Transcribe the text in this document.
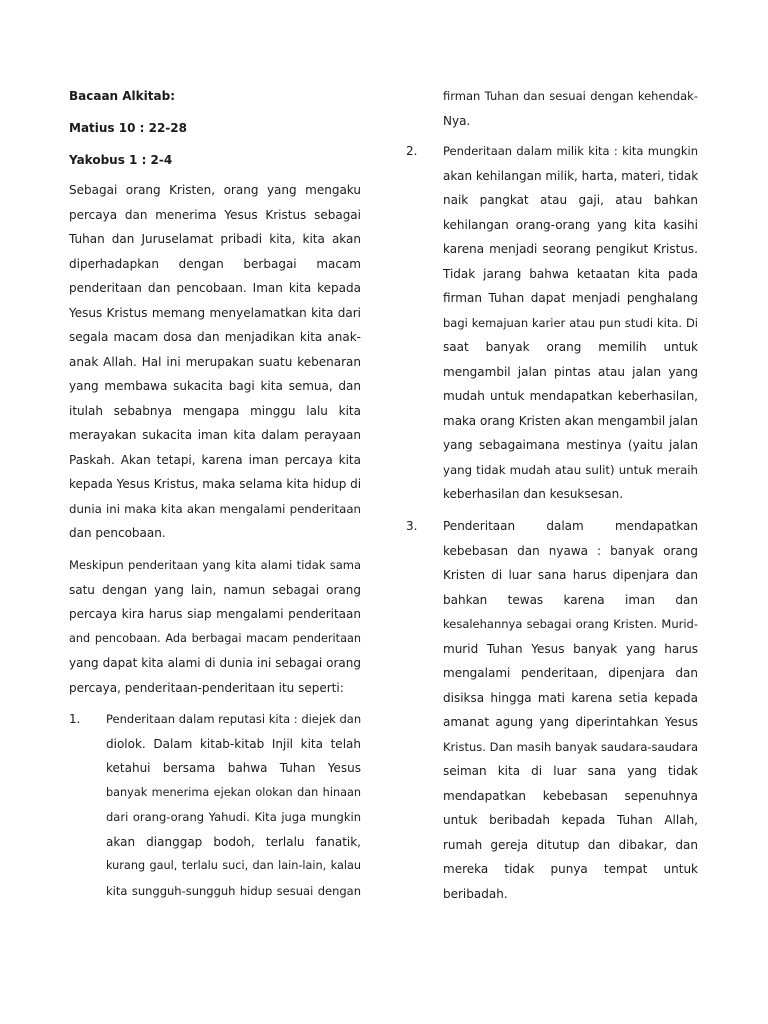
Bacaan Alkitab:
Matius 10 : 22-28
Yakobus 1 : 2-4
Sebagai orang Kristen, orang yang mengaku
percaya dan menerima Yesus Kristus sebagai
Tuhan dan Juruselamat pribadi kita, kita akan
diperhadapkan dengan berbagai macam
penderitaan dan pencobaan. Iman kita kepada
Yesus Kristus memang menyelamatkan kita dari
segala macam dosa dan menjadikan kita anak-
anak Allah. Hal ini merupakan suatu kebenaran
yang membawa sukacita bagi kita semua, dan
itulah sebabnya mengapa minggu lalu kita
merayakan sukacita iman kita dalam perayaan
Paskah. Akan tetapi, karena iman percaya kita
kepada Yesus Kristus, maka selama kita hidup di
dunia ini maka kita akan mengalami penderitaan
dan pencobaan.
Meskipun penderitaan yang kita alami tidak sama
satu dengan yang lain, namun sebagai orang
percaya kira harus siap mengalami penderitaan
and pencobaan. Ada berbagai macam penderitaan
yang dapat kita alami di dunia ini sebagai orang
percaya, penderitaan-penderitaan itu seperti:
1. Penderitaan dalam reputasi kita : diejek dan
diolok. Dalam kitab-kitab Injil kita telah
ketahui bersama bahwa Tuhan Yesus
banyak menerima ejekan olokan dan hinaan
dari orang-orang Yahudi. Kita juga mungkin
akan dianggap bodoh, terlalu fanatik,
kurang gaul, terlalu suci, dan lain-lain, kalau
kita sungguh-sungguh hidup sesuai dengan
firman Tuhan dan sesuai dengan kehendak-
Nya.
2. Penderitaan dalam milik kita : kita mungkin
akan kehilangan milik, harta, materi, tidak
naik pangkat atau gaji, atau bahkan
kehilangan orang-orang yang kita kasihi
karena menjadi seorang pengikut Kristus.
Tidak jarang bahwa ketaatan kita pada
firman Tuhan dapat menjadi penghalang
bagi kemajuan karier atau pun studi kita. Di
saat banyak orang memilih untuk
mengambil jalan pintas atau jalan yang
mudah untuk mendapatkan keberhasilan,
maka orang Kristen akan mengambil jalan
yang sebagaimana mestinya (yaitu jalan
yang tidak mudah atau sulit) untuk meraih
keberhasilan dan kesuksesan.
3. Penderitaan dalam mendapatkan
kebebasan dan nyawa : banyak orang
Kristen di luar sana harus dipenjara dan
bahkan tewas karena iman dan
kesalehannya sebagai orang Kristen. Murid-
murid Tuhan Yesus banyak yang harus
mengalami penderitaan, dipenjara dan
disiksa hingga mati karena setia kepada
amanat agung yang diperintahkan Yesus
Kristus. Dan masih banyak saudara-saudara
seiman kita di luar sana yang tidak
mendapatkan kebebasan sepenuhnya
untuk beribadah kepada Tuhan Allah,
rumah gereja ditutup dan dibakar, dan
mereka tidak punya tempat untuk
beribadah.
